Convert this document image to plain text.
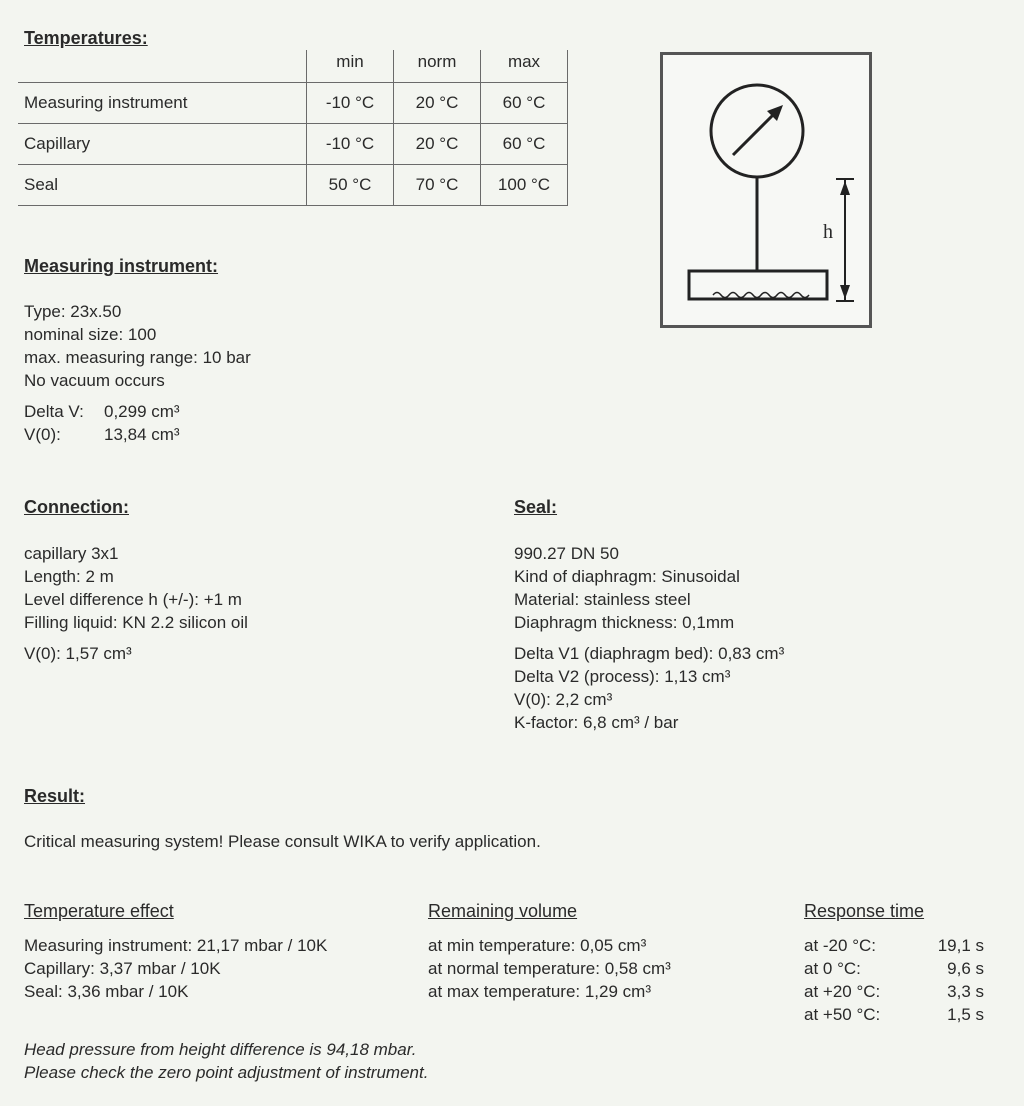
Temperatures:
	min	norm	max
Measuring instrument	-10 °C	20 °C	60 °C
Capillary	-10 °C	20 °C	60 °C
Seal	50 °C	70 °C	100 °C
h
Measuring instrument:
Type: 23x.50
nominal size: 100
max. measuring range: 10 bar
No vacuum occurs
Delta V:	0,299 cm³
V(0):	13,84 cm³
Connection:
capillary 3x1
Length: 2 m
Level difference h (+/-): +1 m
Filling liquid: KN 2.2 silicon oil
V(0): 1,57 cm³
Seal:
990.27 DN 50
Kind of diaphragm: Sinusoidal
Material: stainless steel
Diaphragm thickness: 0,1mm
Delta V1 (diaphragm bed): 0,83 cm³
Delta V2 (process): 1,13 cm³
V(0): 2,2 cm³
K-factor: 6,8 cm³ / bar
Result:
Critical measuring system! Please consult WIKA to verify application.
Temperature effect
Measuring instrument: 21,17 mbar / 10K
Capillary: 3,37 mbar / 10K
Seal: 3,36 mbar / 10K
Remaining volume
at min temperature: 0,05 cm³
at normal temperature: 0,58 cm³
at max temperature: 1,29 cm³
Response time
at -20 °C:	19,1 s
at 0 °C:	9,6 s
at +20 °C:	3,3 s
at +50 °C:	1,5 s
Head pressure from height difference is 94,18 mbar.
Please check the zero point adjustment of instrument.
